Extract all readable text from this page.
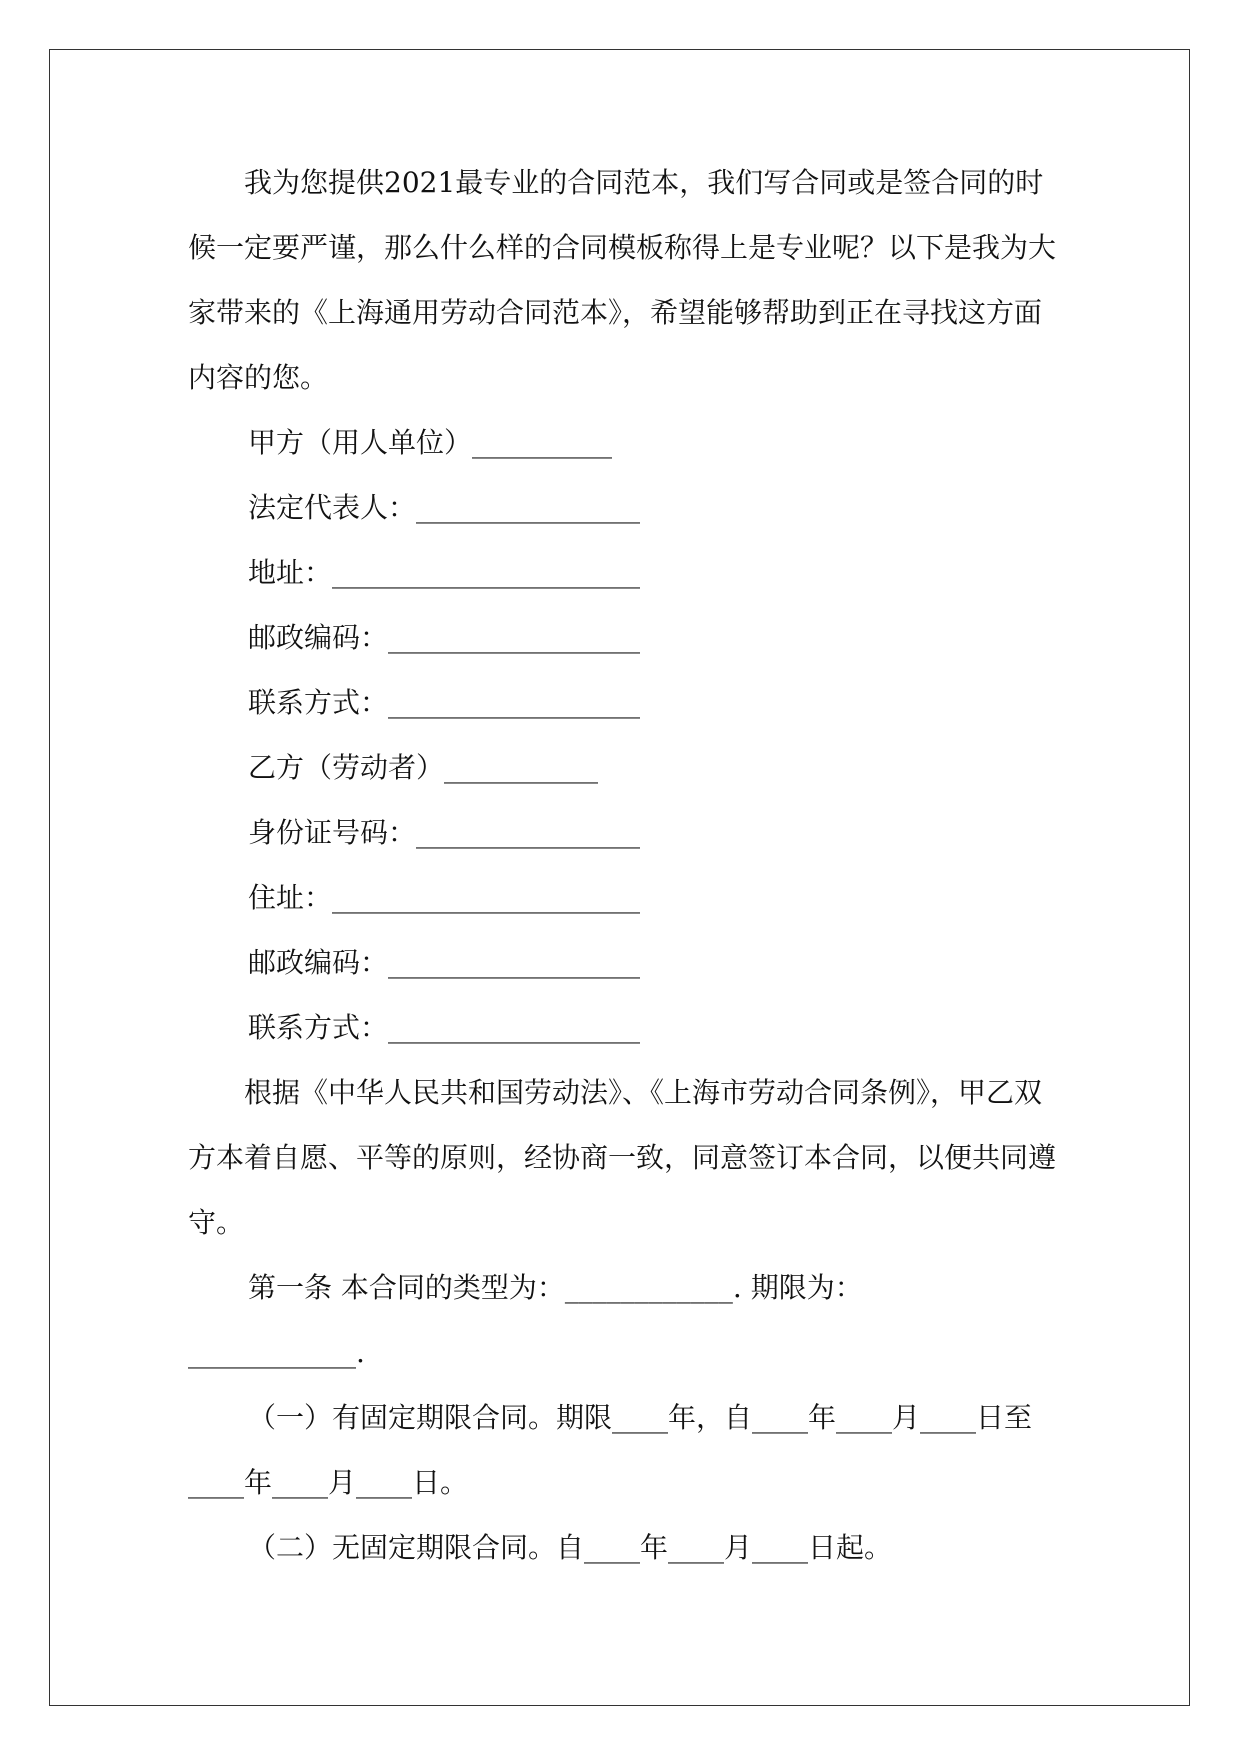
我为您提供2021最专业的合同范本，我们写合同或是签合同的时候一定要严谨，那么什么样的合同模板称得上是专业呢？以下是我为大家带来的《上海通用劳动合同范本》，希望能够帮助到正在寻找这方面内容的您。

甲方（用人单位）__________

法定代表人：________________

地址：______________________

邮政编码：__________________

联系方式：__________________

乙方（劳动者）___________

身份证号码：________________

住址：______________________

邮政编码：__________________

联系方式：__________________

根据《中华人民共和国劳动法》、《上海市劳动合同条例》，甲乙双方本着自愿、平等的原则，经协商一致，同意签订本合同，以便共同遵守。

第一条 本合同的类型为：____________. 期限为：

____________.

（一）有固定期限合同。期限____年，自____年____月____日至

____年____月____日。

（二）无固定期限合同。自____年____月____日起。
